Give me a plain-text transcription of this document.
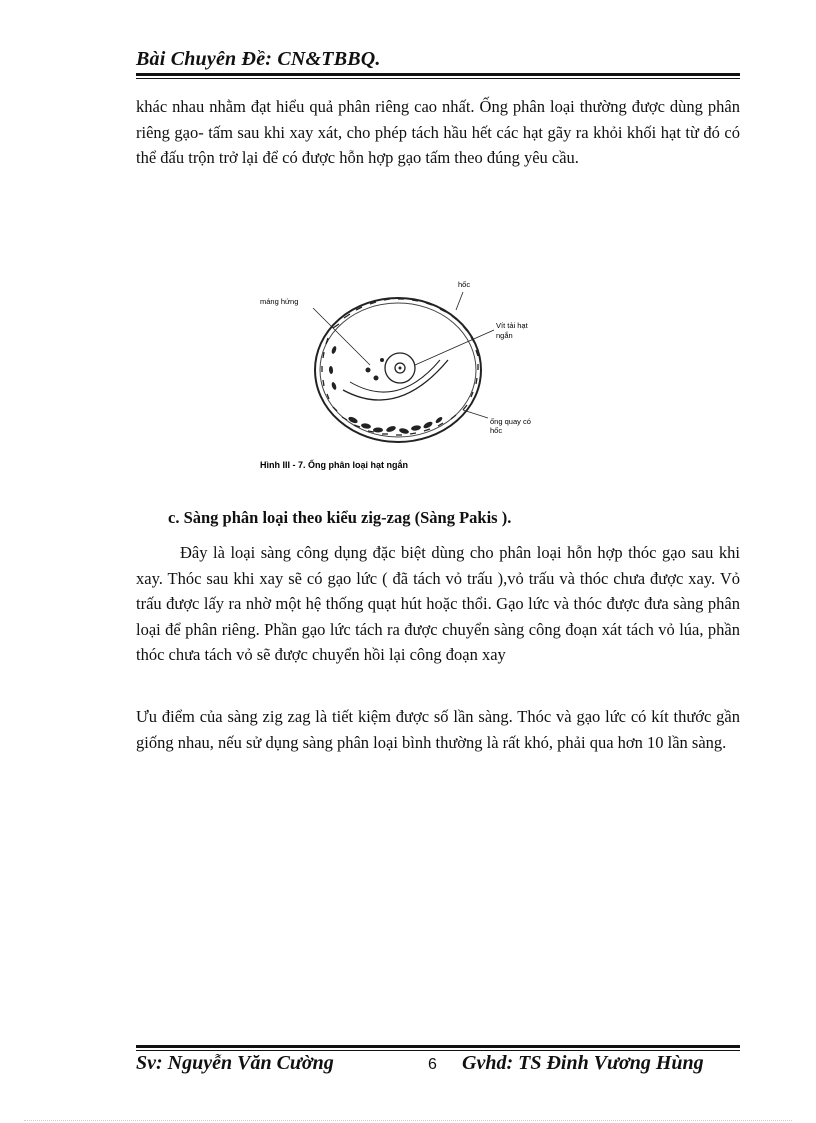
Bài Chuyên Đề: CN&TBBQ.

khác nhau nhằm đạt hiểu quả phân riêng cao nhất. Ống phân loại thường được dùng phân riêng gạo- tấm sau khi xay xát, cho phép tách hầu hết các hạt gãy ra khỏi khối hạt từ đó có thể đấu trộn trở lại để có được hỗn hợp gạo tấm theo đúng yêu cầu.

hốc
máng hứng
Vít tải hạt
ngắn
ống quay có
hốc
Hình III - 7. Ống phân loại hạt ngắn

c. Sàng phân loại theo kiểu zig-zag (Sàng Pakis ).

Đây là loại sàng công dụng đặc biệt dùng cho phân loại hỗn hợp thóc gạo sau khi xay. Thóc sau khi xay sẽ có gạo lức ( đã tách vỏ trấu ),vỏ trấu và thóc chưa được xay. Vỏ trấu được lấy ra nhờ một hệ thống quạt hút hoặc thổi. Gạo lức và thóc được đưa sàng phân loại để phân riêng. Phần gạo lức tách ra được chuyển sàng công đoạn xát tách vỏ lúa, phần thóc chưa tách vỏ sẽ được chuyển hồi lại công đoạn xay

Ưu điểm của sàng zig zag là tiết kiệm được số lần sàng. Thóc và gạo lức có kít thước gần giống nhau, nếu sử dụng sàng phân loại bình thường là rất khó, phải qua hơn 10 lần sàng.

Sv: Nguyễn Văn Cường	6 Gvhd: TS Đinh Vương Hùng
